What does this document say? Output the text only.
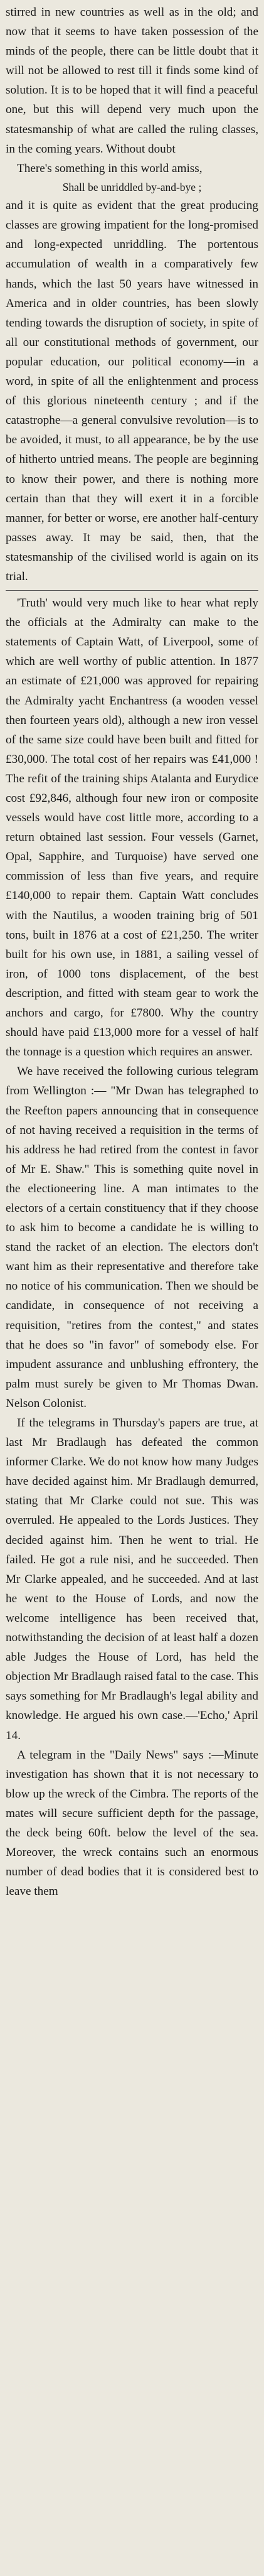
stirred in new countries as well as in the old; and now that it seems to have taken possession of the minds of the people, there can be little doubt that it will not be allowed to rest till it finds some kind of solution. It is to be hoped that it will find a peaceful one, but this will depend very much upon the statesmanship of what are called the ruling classes, in the coming years. Without doubt

There's something in this world amiss,

Shall be unriddled by-and-bye ;

and it is quite as evident that the great producing classes are growing impatient for the long-promised and long-expected unriddling. The portentous accumulation of wealth in a comparatively few hands, which the last 50 years have witnessed in America and in older countries, has been slowly tending towards the disruption of society, in spite of all our constitutional methods of government, our popular education, our political economy—in a word, in spite of all the enlightenment and process of this glorious nineteenth century ; and if the catastrophe—a general convulsive revolution—is to be avoided, it must, to all appearance, be by the use of hitherto untried means. The people are beginning to know their power, and there is nothing more certain than that they will exert it in a forcible manner, for better or worse, ere another half-century passes away. It may be said, then, that the statesmanship of the civilised world is again on its trial.

'Truth' would very much like to hear what reply the officials at the Admiralty can make to the statements of Captain Watt, of Liverpool, some of which are well worthy of public attention. In 1877 an estimate of £21,000 was approved for repairing the Admiralty yacht Enchantress (a wooden vessel then fourteen years old), although a new iron vessel of the same size could have been built and fitted for £30,000. The total cost of her repairs was £41,000 ! The refit of the training ships Atalanta and Eurydice cost £92,846, although four new iron or composite vessels would have cost little more, according to a return obtained last session. Four vessels (Garnet, Opal, Sapphire, and Turquoise) have served one commission of less than five years, and require £140,000 to repair them. Captain Watt concludes with the Nautilus, a wooden training brig of 501 tons, built in 1876 at a cost of £21,250. The writer built for his own use, in 1881, a sailing vessel of iron, of 1000 tons displacement, of the best description, and fitted with steam gear to work the anchors and cargo, for £7800. Why the country should have paid £13,000 more for a vessel of half the tonnage is a question which requires an answer.

We have received the following curious telegram from Wellington :— "Mr Dwan has telegraphed to the Reefton papers announcing that in consequence of not having received a requisition in the terms of his address he had retired from the contest in favor of Mr E. Shaw." This is something quite novel in the electioneering line. A man intimates to the electors of a certain constituency that if they choose to ask him to become a candidate he is willing to stand the racket of an election. The electors don't want him as their representative and therefore take no notice of his communication. Then we should be candidate, in consequence of not receiving a requisition, "retires from the contest," and states that he does so "in favor" of somebody else. For impudent assurance and unblushing effrontery, the palm must surely be given to Mr Thomas Dwan. Nelson Colonist.

If the telegrams in Thursday's papers are true, at last Mr Bradlaugh has defeated the common informer Clarke. We do not know how many Judges have decided against him. Mr Bradlaugh demurred, stating that Mr Clarke could not sue. This was overruled. He appealed to the Lords Justices. They decided against him. Then he went to trial. He failed. He got a rule nisi, and he succeeded. Then Mr Clarke appealed, and he succeeded. And at last he went to the House of Lords, and now the welcome intelligence has been received that, notwithstanding the decision of at least half a dozen able Judges the House of Lord, has held the objection Mr Bradlaugh raised fatal to the case. This says something for Mr Bradlaugh's legal ability and knowledge. He argued his own case.—'Echo,' April 14.

A telegram in the "Daily News" says :—Minute investigation has shown that it is not necessary to blow up the wreck of the Cimbra. The reports of the mates will secure sufficient depth for the passage, the deck being 60ft. below the level of the sea. Moreover, the wreck contains such an enormous number of dead bodies that it is considered best to leave them
